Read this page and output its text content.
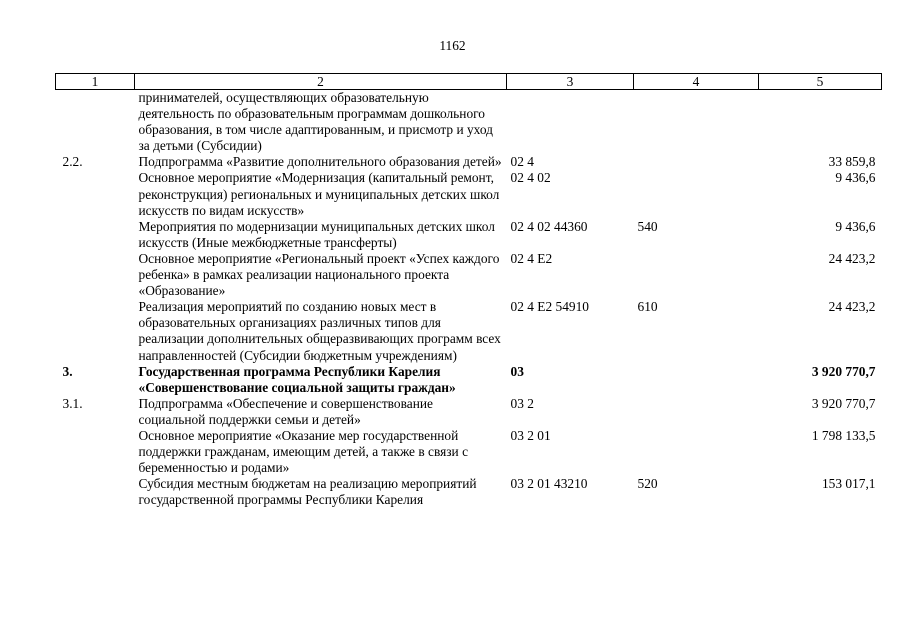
1162
1	2	3	4	5
	принимателей, осуществляющих образовательную деятельность по образовательным программам дошкольного образования, в том числе адаптированным, и присмотр и уход за детьми (Субсидии)			
2.2.	Подпрограмма «Развитие дополнительного образования детей»	02 4		33 859,8
	Основное мероприятие «Модернизация (капитальный ремонт, реконструкция) региональных и муниципальных детских школ искусств по видам искусств»	02 4 02		9 436,6
	Мероприятия по модернизации муниципальных детских школ искусств (Иные межбюджетные трансферты)	02 4 02 44360	540	9 436,6
	Основное мероприятие «Региональный проект «Успех каждого ребенка» в рамках реализации национального проекта «Образование»	02 4 E2		24 423,2
	Реализация мероприятий по созданию новых мест в образовательных организациях различных типов для реализации дополнительных общеразвивающих программ всех направленностей (Субсидии бюджетным учреждениям)	02 4 E2 54910	610	24 423,2
3.	Государственная программа Республики Карелия «Совершенствование социальной защиты граждан»	03		3 920 770,7
3.1.	Подпрограмма «Обеспечение и совершенствование социальной поддержки семьи и детей»	03 2		3 920 770,7
	Основное мероприятие «Оказание мер государственной поддержки гражданам, имеющим детей, а также в связи с беременностью и родами»	03 2 01		1 798 133,5
	Субсидия местным бюджетам на реализацию мероприятий государственной программы Республики Карелия	03 2 01 43210	520	153 017,1
